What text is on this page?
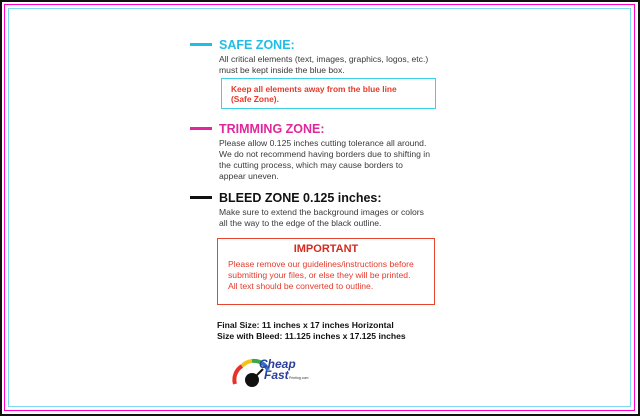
SAFE ZONE:
All critical elements (text, images, graphics, logos, etc.)
must be kept inside the blue box.
Keep all elements away from the blue line
(Safe Zone).
TRIMMING ZONE:
Please allow 0.125 inches cutting tolerance all around.
We do not recommend having borders due to shifting in
the cutting process, which may cause borders to
appear uneven.
BLEED ZONE 0.125 inches:
Make sure to extend the background images or colors
all the way to the edge of the black outline.
IMPORTANT
Please remove our guidelines/instructions before
submitting your files, or else they will be printed.
All text should be converted to outline.
Final Size: 11 inches x 17 inches Horizontal
Size with Bleed: 11.125 inches x 17.125 inches
Cheap
Fast Printing.com
